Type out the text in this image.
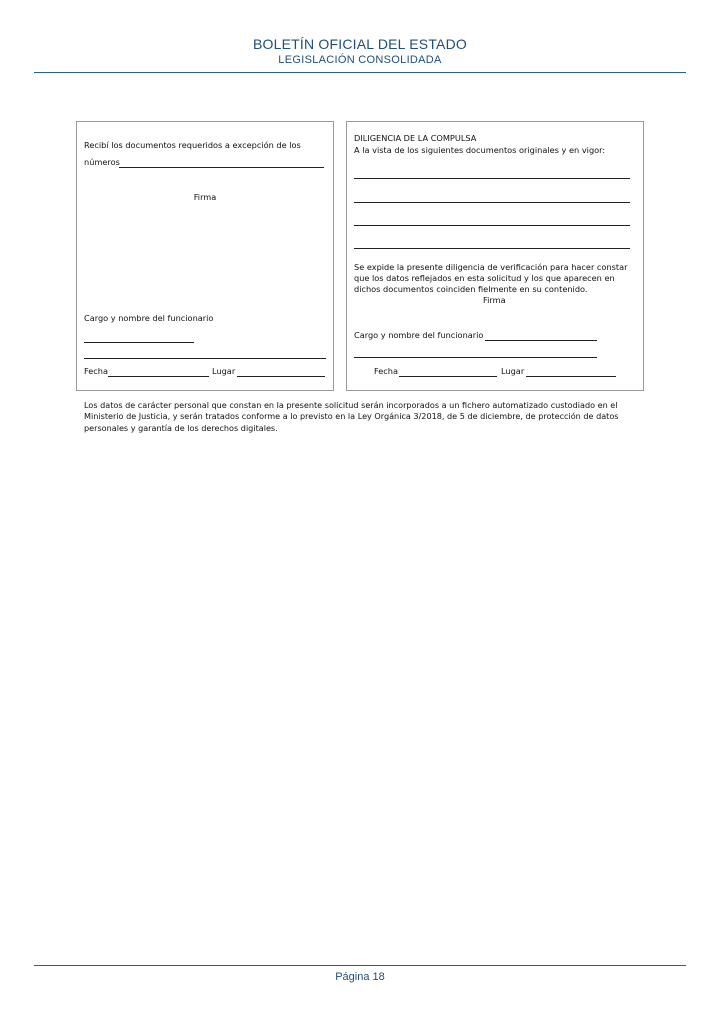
BOLETÍN OFICIAL DEL ESTADO
LEGISLACIÓN CONSOLIDADA
Recibí los documentos requeridos a excepción de los
números
Firma
Cargo y nombre del funcionario
Fecha	Lugar
DILIGENCIA DE LA COMPULSA
A la vista de los siguientes documentos originales y en vigor:
Se expide la presente diligencia de verificación para hacer constar
que los datos reflejados en esta solicitud y los que aparecen en
dichos documentos coinciden fielmente en su contenido.
Firma
Cargo y nombre del funcionario
Fecha	Lugar
Los datos de carácter personal que constan en la presente solicitud serán incorporados a un fichero automatizado custodiado en el Ministerio de Justicia, y serán tratados conforme a lo previsto en la Ley Orgánica 3/2018, de 5 de diciembre, de protección de datos personales y garantía de los derechos digitales.
Página 18
